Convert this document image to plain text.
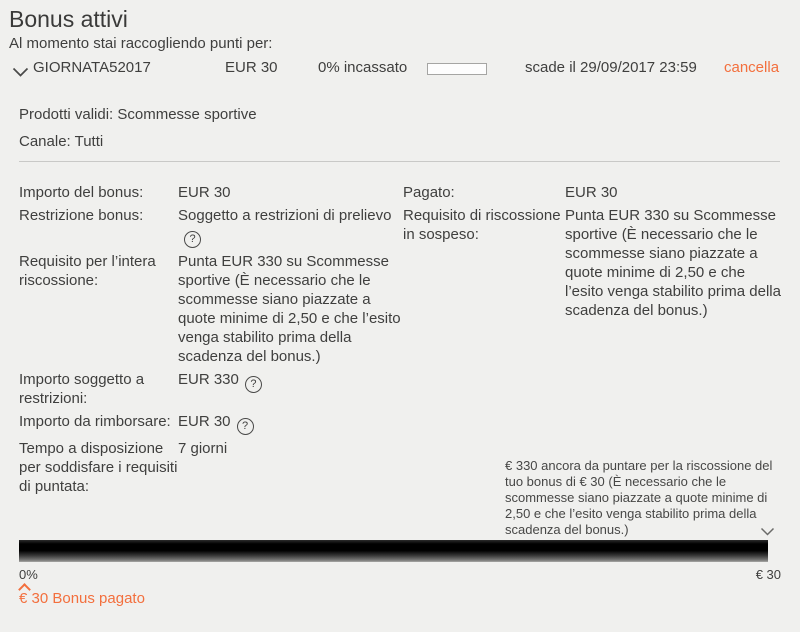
Bonus attivi
Al momento stai raccogliendo punti per:
GIORNATA52017	EUR 30	0% incassato	scade il 29/09/2017 23:59 cancella
Prodotti validi: Scommesse sportive
Canale: Tutti
Importo del bonus:	EUR 30
Restrizione bonus:	Soggetto a restrizioni di prelievo?
Requisito per l’intera riscossione:
Punta EUR 330 su Scommesse sportive (È necessario che le scommesse siano piazzate a quote minime di 2,50 e che l’esito venga stabilito prima della scadenza del bonus.)
Importo soggetto a restrizioni:
EUR 330 ?
Importo da rimborsare: EUR 30 ?
Tempo a disposizione per soddisfare i requisiti di puntata:
7 giorni
Pagato:	EUR 30
Requisito di riscossione in sospeso:
Punta EUR 330 su Scommesse sportive (È necessario che le scommesse siano piazzate a quote minime di 2,50 e che l’esito venga stabilito prima della scadenza del bonus.)
€ 330 ancora da puntare per la riscossione del tuo bonus di € 30 (È necessario che le scommesse siano piazzate a quote minime di 2,50 e che l’esito venga stabilito prima della scadenza del bonus.)
0%	€ 30
€ 30 Bonus pagato
